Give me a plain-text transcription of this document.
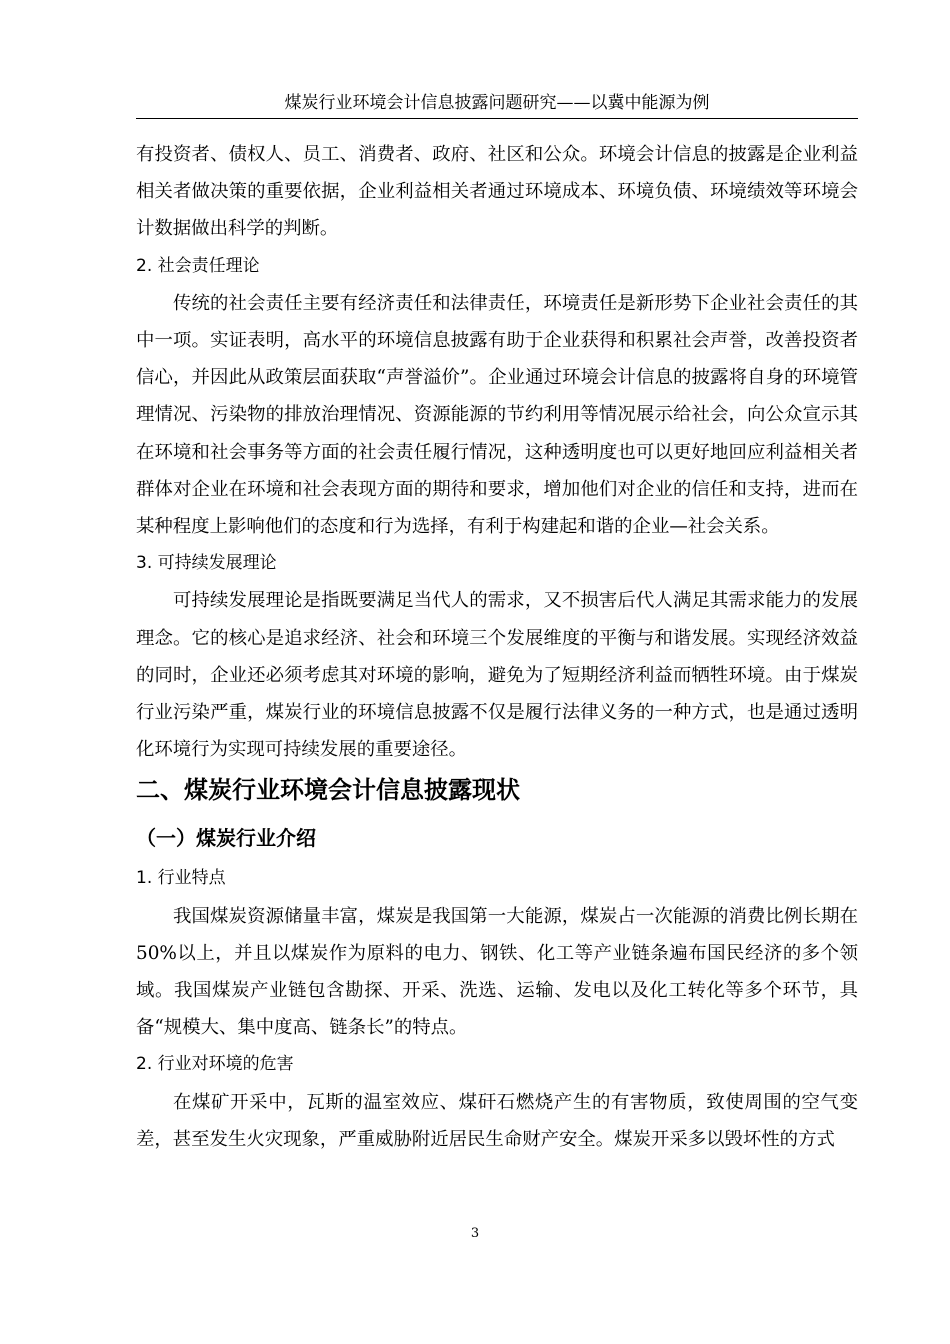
煤炭行业环境会计信息披露问题研究——以冀中能源为例

有投资者、债权人、员工、消费者、政府、社区和公众。环境会计信息的披露是企业利益相关者做决策的重要依据，企业利益相关者通过环境成本、环境负债、环境绩效等环境会计数据做出科学的判断。

2. 社会责任理论

传统的社会责任主要有经济责任和法律责任，环境责任是新形势下企业社会责任的其中一项。实证表明，高水平的环境信息披露有助于企业获得和积累社会声誉，改善投资者信心，并因此从政策层面获取“声誉溢价”。企业通过环境会计信息的披露将自身的环境管理情况、污染物的排放治理情况、资源能源的节约利用等情况展示给社会，向公众宣示其在环境和社会事务等方面的社会责任履行情况，这种透明度也可以更好地回应利益相关者群体对企业在环境和社会表现方面的期待和要求，增加他们对企业的信任和支持，进而在某种程度上影响他们的态度和行为选择，有利于构建起和谐的企业—社会关系。

3. 可持续发展理论

可持续发展理论是指既要满足当代人的需求，又不损害后代人满足其需求能力的发展理念。它的核心是追求经济、社会和环境三个发展维度的平衡与和谐发展。实现经济效益的同时，企业还必须考虑其对环境的影响，避免为了短期经济利益而牺牲环境。由于煤炭行业污染严重，煤炭行业的环境信息披露不仅是履行法律义务的一种方式，也是通过透明化环境行为实现可持续发展的重要途径。

二、煤炭行业环境会计信息披露现状
（一）煤炭行业介绍
1. 行业特点

我国煤炭资源储量丰富，煤炭是我国第一大能源，煤炭占一次能源的消费比例长期在 50%以上，并且以煤炭作为原料的电力、钢铁、化工等产业链条遍布国民经济的多个领域。我国煤炭产业链包含勘探、开采、洗选、运输、发电以及化工转化等多个环节，具备“规模大、集中度高、链条长”的特点。

2. 行业对环境的危害

在煤矿开采中，瓦斯的温室效应、煤矸石燃烧产生的有害物质，致使周围的空气变差，甚至发生火灾现象，严重威胁附近居民生命财产安全。煤炭开采多以毁坏性的方式

3
